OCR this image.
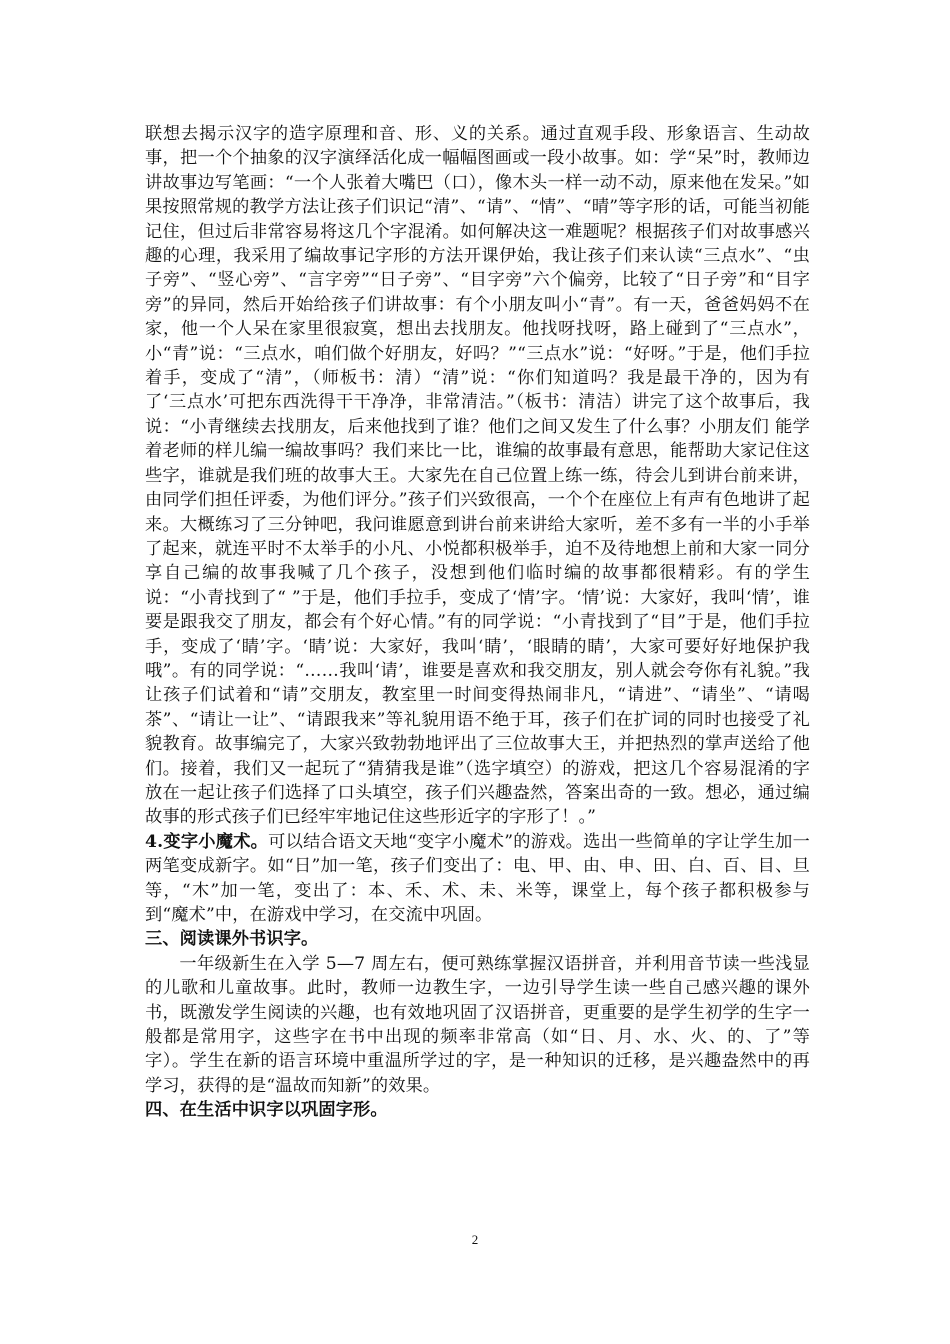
联想去揭示汉字的造字原理和音、形、义的关系。通过直观手段、形象语言、生动故事，把一个个抽象的汉字演绎活化成一幅幅图画或一段小故事。如：学“呆”时，教师边讲故事边写笔画：“一个人张着大嘴巴（口），像木头一样一动不动，原来他在发呆。”如果按照常规的教学方法让孩子们识记“清”、“请”、“情”、“晴”等字形的话，可能当初能记住，但过后非常容易将这几个字混淆。如何解决这一难题呢？根据孩子们对故事感兴趣的心理，我采用了编故事记字形的方法开课伊始，我让孩子们来认读“三点水”、“虫子旁”、“竖心旁”、“言字旁”“日子旁”、“目字旁”六个偏旁，比较了“日子旁”和“目字旁”的异同，然后开始给孩子们讲故事：有个小朋友叫小“青”。有一天，爸爸妈妈不在家，他一个人呆在家里很寂寞，想出去找朋友。他找呀找呀，路上碰到了“三点水”，小“青”说：“三点水，咱们做个好朋友，好吗？”“三点水”说：“好呀。”于是，他们手拉着手，变成了“清”，（师板书：清）“清”说：“你们知道吗？我是最干净的，因为有了‘三点水’可把东西洗得干干净净，非常清洁。”（板书：清洁）讲完了这个故事后，我说：“小青继续去找朋友，后来他找到了谁？他们之间又发生了什么事？小朋友们 能学着老师的样儿编一编故事吗？我们来比一比，谁编的故事最有意思，能帮助大家记住这些字，谁就是我们班的故事大王。大家先在自己位置上练一练，待会儿到讲台前来讲，由同学们担任评委，为他们评分。”孩子们兴致很高，一个个在座位上有声有色地讲了起来。大概练习了三分钟吧，我问谁愿意到讲台前来讲给大家听，差不多有一半的小手举了起来，就连平时不太举手的小凡、小悦都积极举手，迫不及待地想上前和大家一同分享自己编的故事我喊了几个孩子，没想到他们临时编的故事都很精彩。有的学生说：“小青找到了“ ”于是，他们手拉手，变成了‘情’字。‘情’说：大家好，我叫‘情’，谁要是跟我交了朋友，都会有个好心情。”有的同学说：“小青找到了“目”于是，他们手拉手，变成了‘睛’字。‘睛’说：大家好，我叫‘睛’，‘眼睛的睛’，大家可要好好地保护我哦”。有的同学说：“……我叫‘请’，谁要是喜欢和我交朋友，别人就会夸你有礼貌。”我让孩子们试着和“请”交朋友，教室里一时间变得热闹非凡，“请进”、“请坐”、“请喝茶”、“请让一让”、“请跟我来”等礼貌用语不绝于耳，孩子们在扩词的同时也接受了礼貌教育。故事编完了，大家兴致勃勃地评出了三位故事大王，并把热烈的掌声送给了他们。接着，我们又一起玩了“猜猜我是谁”（选字填空）的游戏，把这几个容易混淆的字放在一起让孩子们选择了口头填空，孩子们兴趣盎然，答案出奇的一致。想必，通过编故事的形式孩子们已经牢牢地记住这些形近字的字形了！。”

4.变字小魔术。可以结合语文天地“变字小魔术”的游戏。选出一些简单的字让学生加一两笔变成新字。如“日”加一笔，孩子们变出了：电、甲、由、申、田、白、百、目、旦等，“木”加一笔，变出了：本、禾、术、未、米等，课堂上，每个孩子都积极参与到“魔术”中，在游戏中学习，在交流中巩固。

三、阅读课外书识字。

一年级新生在入学 5—7 周左右，便可熟练掌握汉语拼音，并利用音节读一些浅显的儿歌和儿童故事。此时，教师一边教生字，一边引导学生读一些自己感兴趣的课外书，既激发学生阅读的兴趣，也有效地巩固了汉语拼音，更重要的是学生初学的生字一般都是常用字，这些字在书中出现的频率非常高（如“日、月、水、火、的、了”等字）。学生在新的语言环境中重温所学过的字，是一种知识的迁移，是兴趣盎然中的再学习，获得的是“温故而知新”的效果。

四、在生活中识字以巩固字形。

2
